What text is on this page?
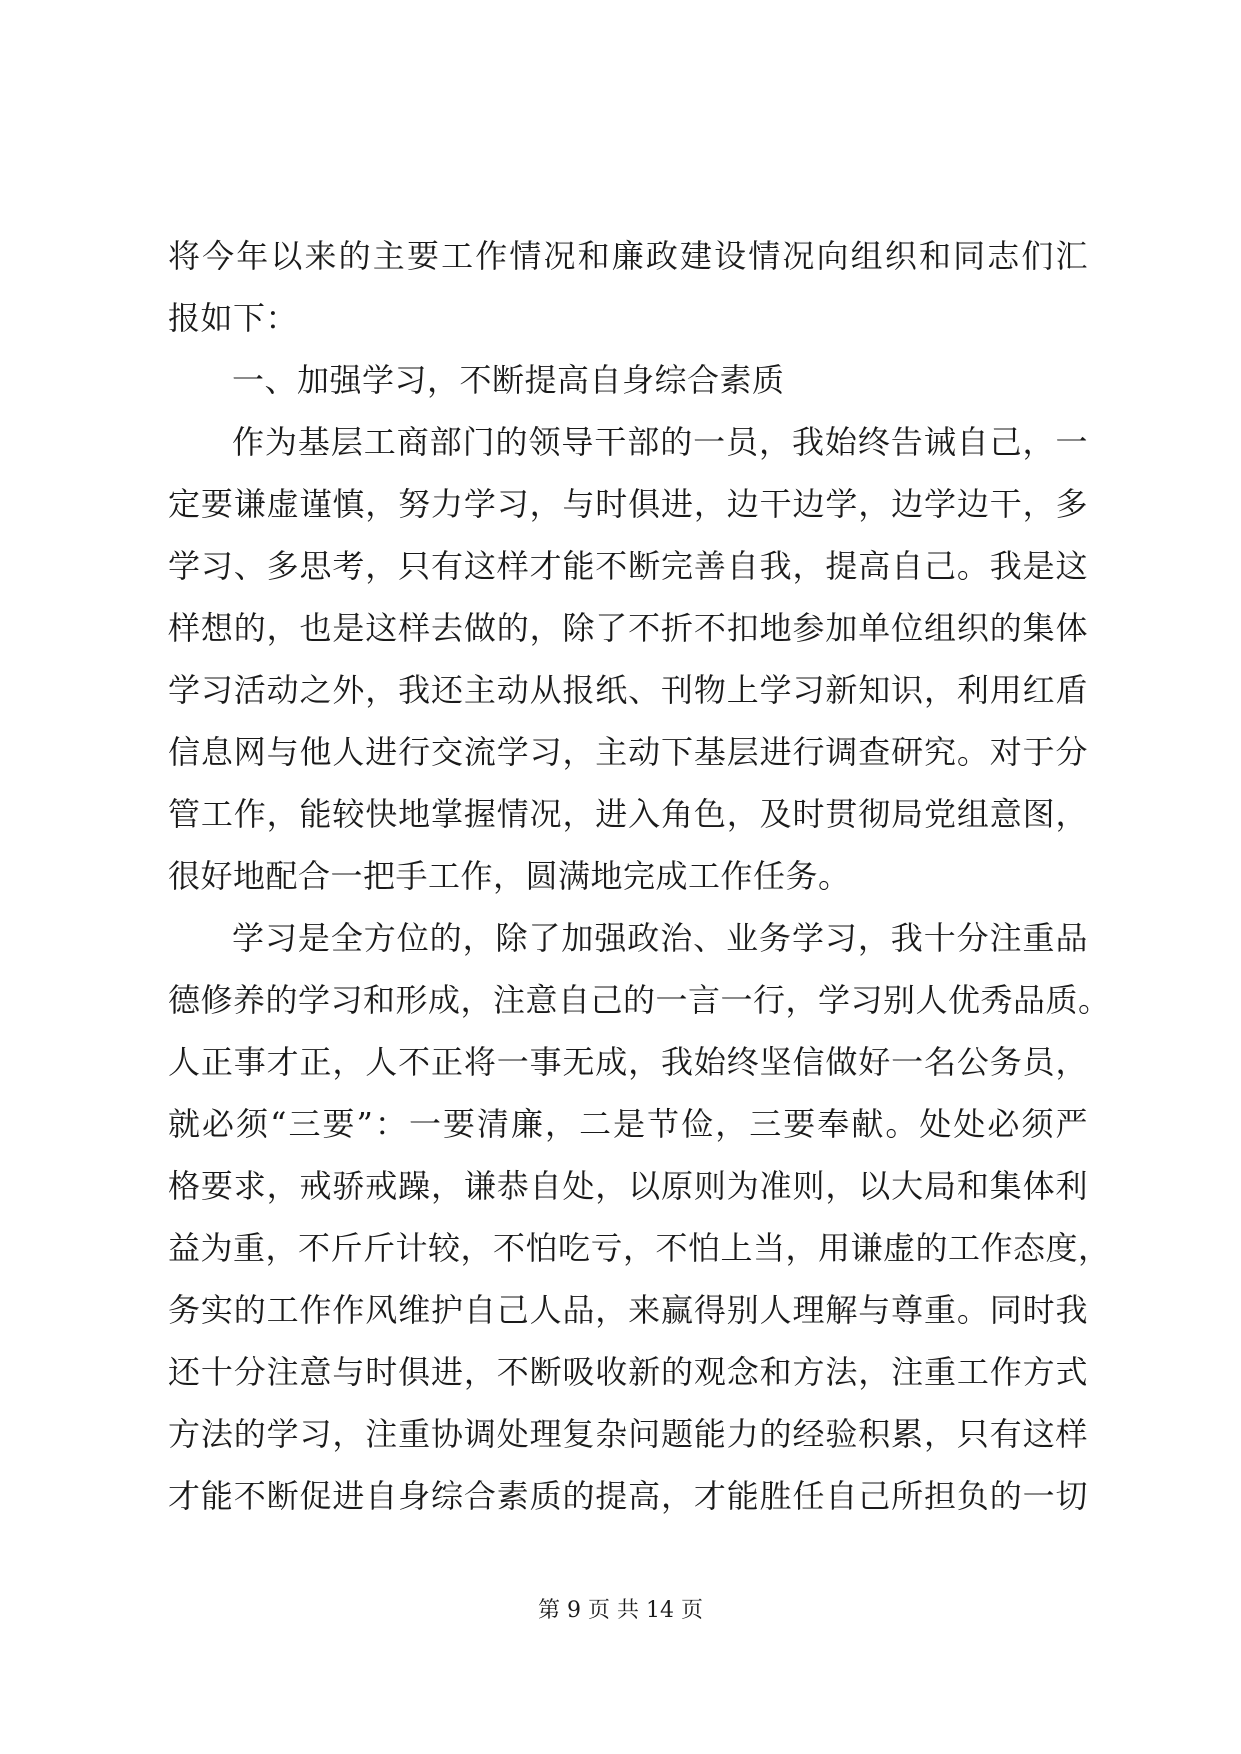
将今年以来的主要工作情况和廉政建设情况向组织和同志们汇
报如下：
一、加强学习，不断提高自身综合素质
作为基层工商部门的领导干部的一员，我始终告诫自己，一
定要谦虚谨慎，努力学习，与时俱进，边干边学，边学边干，多
学习、多思考，只有这样才能不断完善自我，提高自己。我是这
样想的，也是这样去做的，除了不折不扣地参加单位组织的集体
学习活动之外，我还主动从报纸、刊物上学习新知识，利用红盾
信息网与他人进行交流学习，主动下基层进行调查研究。对于分
管工作，能较快地掌握情况，进入角色，及时贯彻局党组意图，
很好地配合一把手工作，圆满地完成工作任务。
学习是全方位的，除了加强政治、业务学习，我十分注重品
德修养的学习和形成，注意自己的一言一行，学习别人优秀品质。
人正事才正，人不正将一事无成，我始终坚信做好一名公务员，
就必须“三要”：一要清廉，二是节俭，三要奉献。处处必须严
格要求，戒骄戒躁，谦恭自处，以原则为准则，以大局和集体利
益为重，不斤斤计较，不怕吃亏，不怕上当，用谦虚的工作态度，
务实的工作作风维护自己人品，来赢得别人理解与尊重。同时我
还十分注意与时俱进，不断吸收新的观念和方法，注重工作方式
方法的学习，注重协调处理复杂问题能力的经验积累，只有这样
才能不断促进自身综合素质的提高，才能胜任自己所担负的一切
第 9 页 共 14 页
